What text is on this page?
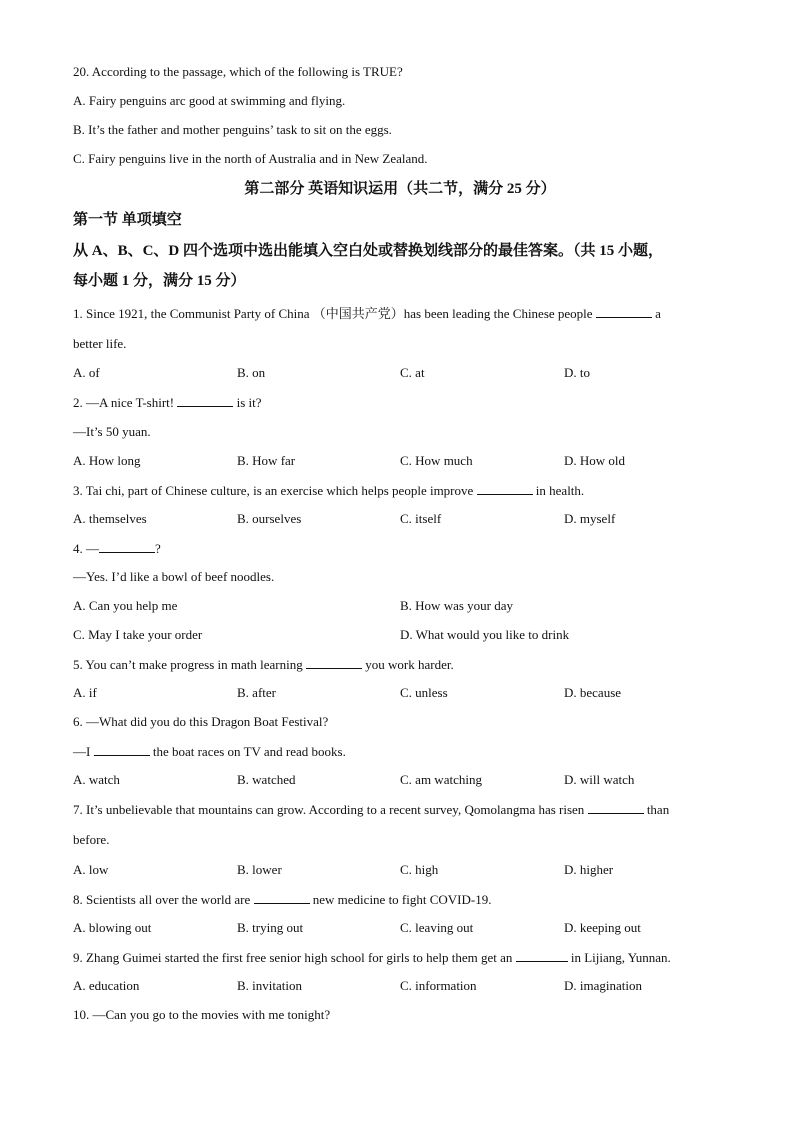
20. According to the passage, which of the following is TRUE?
A. Fairy penguins arc good at swimming and flying.
B. It’s the father and mother penguins’ task to sit on the eggs.
C. Fairy penguins live in the north of Australia and in New Zealand.
第二部分 英语知识运用（共二节，满分 25 分）
第一节 单项填空
从 A、B、C、D 四个选项中选出能填入空白处或替换划线部分的最佳答案。（共 15 小题，
每小题 1 分，满分 15 分）
1. Since 1921, the Communist Party of China （中国共产党）has been leading the Chinese people	a
better life.
A. of	B. on	C. at	D. to
2. —A nice T-shirt!	is it?
—It’s 50 yuan.
A. How long	B. How far	C. How much	D. How old
3. Tai chi, part of Chinese culture, is an exercise which helps people improve	in health.
A. themselves	B. ourselves	C. itself	D. myself
4. —	?
—Yes. I’d like a bowl of beef noodles.
A. Can you help me	B. How was your day
C. May I take your order	D. What would you like to drink
5. You can’t make progress in math learning	you work harder.
A. if	B. after	C. unless	D. because
6. —What did you do this Dragon Boat Festival?
—I	the boat races on TV and read books.
A. watch	B. watched	C. am watching	D. will watch
7. It’s unbelievable that mountains can grow. According to a recent survey, Qomolangma has risen	than
before.
A. low	B. lower	C. high	D. higher
8. Scientists all over the world are	new medicine to fight COVID-19.
A. blowing out	B. trying out	C. leaving out	D. keeping out
9. Zhang Guimei started the first free senior high school for girls to help them get an	in Lijiang, Yunnan.
A. education	B. invitation	C. information	D. imagination
10. —Can you go to the movies with me tonight?
